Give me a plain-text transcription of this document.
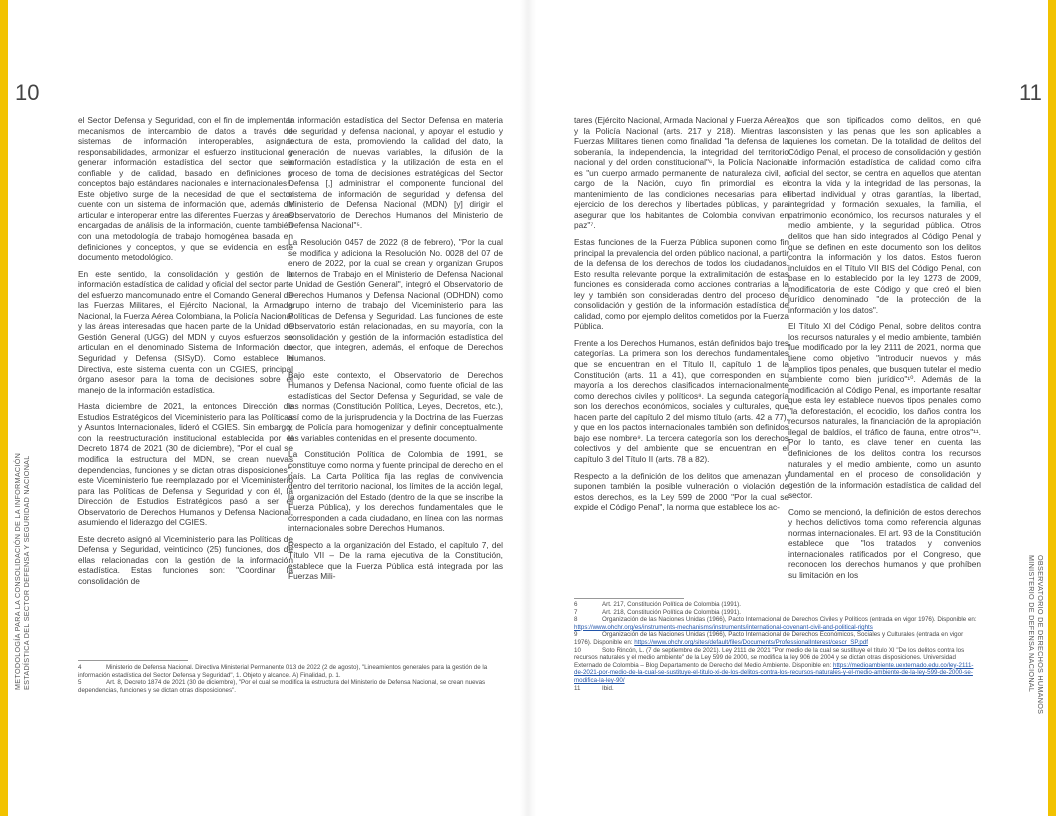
10	11
METODOLOGÍA PARA LA CONSOLIDACIÓN DE LA INFORMACIÓN ESTADÍSTICA DEL SECTOR DEFENSA Y SEGURIDAD NACIONAL	OBSERVATORIO DE DERECHOS HUMANOS
MINISTERIO DE DEFENSA NACIONAL

el Sector Defensa y Seguridad, con el fin de implementar mecanismos de intercambio de datos a través de sistemas de información interoperables, asignar responsabilidades, armonizar el esfuerzo institucional y generar información estadística del sector que sea confiable y de calidad, basado en definiciones y conceptos bajo estándares nacionales e internacionales⁴. Este objetivo surge de la necesidad de que el sector cuente con un sistema de información que, además de articular e interoperar entre las diferentes Fuerzas y áreas encargadas de análisis de la información, cuente también con una metodología de trabajo homogénea basada en definiciones y conceptos, y que se evidencia en este documento metodológico.

En este sentido, la consolidación y gestión de la información estadística de calidad y oficial del sector parte del esfuerzo mancomunado entre el Comando General de las Fuerzas Militares, el Ejército Nacional, la Armada Nacional, la Fuerza Aérea Colombiana, la Policía Nacional y las áreas interesadas que hacen parte de la Unidad de Gestión General (UGG) del MDN y cuyos esfuerzos se articulan en el denominado Sistema de Información de Seguridad y Defensa (SISyD). Como establece la Directiva, este sistema cuenta con un CGIES, principal órgano asesor para la toma de decisiones sobre el manejo de la información estadística.

Hasta diciembre de 2021, la entonces Dirección de Estudios Estratégicos del Viceministerio para las Políticas y Asuntos Internacionales, lideró el CGIES. Sin embargo, con la reestructuración institucional establecida por el Decreto 1874 de 2021 (30 de diciembre), "Por el cual se modifica la estructura del MDN, se crean nuevas dependencias, funciones y se dictan otras disposiciones", este Viceministerio fue reemplazado por el Viceministerio para las Políticas de Defensa y Seguridad y con él, la Dirección de Estudios Estratégicos pasó a ser el Observatorio de Derechos Humanos y Defensa Nacional, asumiendo el liderazgo del CGIES.

Este decreto asignó al Viceministerio para las Políticas de Defensa y Seguridad, veinticinco (25) funciones, dos de ellas relacionadas con la gestión de la información estadística. Estas funciones son: "Coordinar la consolidación de

la información estadística del Sector Defensa en materia de seguridad y defensa nacional, y apoyar el estudio y lectura de esta, promoviendo la calidad del dato, la generación de nuevas variables, la difusión de la información estadística y la utilización de esta en el proceso de toma de decisiones estratégicas del Sector Defensa [,] administrar el componente funcional del sistema de información de seguridad y defensa del Ministerio de Defensa Nacional (MDN) [y] dirigir el Observatorio de Derechos Humanos del Ministerio de Defensa Nacional"⁵.

La Resolución 0457 de 2022 (8 de febrero), "Por la cual se modifica y adiciona la Resolución No. 0028 del 07 de enero de 2022, por la cual se crean y organizan Grupos Internos de Trabajo en el Ministerio de Defensa Nacional – Unidad de Gestión General", integró el Observatorio de Derechos Humanos y Defensa Nacional (ODHDN) como grupo interno de trabajo del Viceministerio para las Políticas de Defensa y Seguridad. Las funciones de este Observatorio están relacionadas, en su mayoría, con la consolidación y gestión de la información estadística del sector, que integren, además, el enfoque de Derechos Humanos.

Bajo este contexto, el Observatorio de Derechos Humanos y Defensa Nacional, como fuente oficial de las estadísticas del Sector Defensa y Seguridad, se vale de las normas (Constitución Política, Leyes, Decretos, etc.), así como de la jurisprudencia y la Doctrina de las Fuerzas y de Policía para homogenizar y definir conceptualmente las variables contenidas en el presente documento.

La Constitución Política de Colombia de 1991, se constituye como norma y fuente principal de derecho en el país. La Carta Política fija las reglas de convivencia dentro del territorio nacional, los límites de la acción legal, la organización del Estado (dentro de la que se inscribe la Fuerza Pública), y los derechos fundamentales que le corresponden a cada ciudadano, en línea con las normas internacionales sobre Derechos Humanos.

Respecto a la organización del Estado, el capítulo 7, del Título VII – De la rama ejecutiva de la Constitución, establece que la Fuerza Pública está integrada por las Fuerzas Mili-

tares (Ejército Nacional, Armada Nacional y Fuerza Aérea) y la Policía Nacional (arts. 217 y 218). Mientras las Fuerzas Militares tienen como finalidad "la defensa de la soberanía, la independencia, la integridad del territorio nacional y del orden constitucional"⁶, la Policía Nacional es "un cuerpo armado permanente de naturaleza civil, a cargo de la Nación, cuyo fin primordial es el mantenimiento de las condiciones necesarias para el ejercicio de los derechos y libertades públicas, y para asegurar que los habitantes de Colombia convivan en paz"⁷.

Estas funciones de la Fuerza Pública suponen como fin principal la prevalencia del orden público nacional, a partir de la defensa de los derechos de todos los ciudadanos. Esto resulta relevante porque la extralimitación de estas funciones es considerada como acciones contrarias a la ley y también son consideradas dentro del proceso de consolidación y gestión de la información estadística de calidad, como por ejemplo delitos cometidos por la Fuerza Pública.

Frente a los Derechos Humanos, están definidos bajo tres categorías. La primera son los derechos fundamentales que se encuentran en el Título II, capítulo 1 de la Constitución (arts. 11 a 41), que corresponden en su mayoría a los derechos clasificados internacionalmente como derechos civiles y políticos⁸. La segunda categoría son los derechos económicos, sociales y culturales, que hacen parte del capítulo 2 del mismo título (arts. 42 a 77), y que en los pactos internacionales también son definidos bajo ese nombre⁹. La tercera categoría son los derechos colectivos y del ambiente que se encuentran en el capítulo 3 del Título II (arts. 78 a 82).

Respecto a la definición de los delitos que amenazan y suponen también la posible vulneración o violación de estos derechos, es la Ley 599 de 2000 "Por la cual se expide el Código Penal", la norma que establece los ac-

tos que son tipificados como delitos, en qué consisten y las penas que les son aplicables a quienes los cometan. De la totalidad de delitos del Código Penal, el proceso de consolidación y gestión de información estadística de calidad como cifra oficial del sector, se centra en aquellos que atentan contra la vida y la integridad de las personas, la libertad individual y otras garantías, la libertad, integridad y formación sexuales, la familia, el patrimonio económico, los recursos naturales y el medio ambiente, y la seguridad pública. Otros delitos que han sido integrados al Código Penal y que se definen en este documento son los delitos contra la información y los datos. Estos fueron incluidos en el Título VII BIS del Código Penal, con base en lo establecido por la ley 1273 de 2009, modificatoria de este Código y que creó el bien jurídico denominado "de la protección de la información y los datos".

El Título XI del Código Penal, sobre delitos contra los recursos naturales y el medio ambiente, también fue modificado por la ley 2111 de 2021, norma que tiene como objetivo "introducir nuevos y más amplios tipos penales, que busquen tutelar el medio ambiente como bien jurídico"¹⁰. Además de la modificación al Código Penal, es importante resaltar que esta ley establece nuevos tipos penales como "la deforestación, el ecocidio, los daños contra los recursos naturales, la financiación de la apropiación ilegal de baldíos, el tráfico de fauna, entre otros"¹¹. Por lo tanto, es clave tener en cuenta las definiciones de los delitos contra los recursos naturales y el medio ambiente, como un asunto fundamental en el proceso de consolidación y gestión de la información estadística de calidad del sector.

Como se mencionó, la definición de estos derechos y hechos delictivos toma como referencia algunas normas internacionales. El art. 93 de la Constitución establece que "los tratados y convenios internacionales ratificados por el Congreso, que reconocen los derechos humanos y que prohíben su limitación en los

4	Ministerio de Defensa Nacional. Directiva Ministerial Permanente 013 de 2022 (2 de agosto), "Lineamientos generales para la gestión de la información estadística del Sector Defensa y Seguridad", 1. Objeto y alcance. A) Finalidad, p. 1.

5	Art. 8, Decreto 1874 de 2021 (30 de diciembre), "Por el cual se modifica la estructura del Ministerio de Defensa Nacional, se crean nuevas dependencias, funciones y se dictan otras disposiciones".

6	Art. 217, Constitución Política de Colombia (1991).

7	Art. 218, Constitución Política de Colombia (1991).

8	Organización de las Naciones Unidas (1966), Pacto Internacional de Derechos Civiles y Políticos (entrada en vigor 1976). Disponible en: https://www.ohchr.org/es/instruments-mechanisms/instruments/international-covenant-civil-and-political-rights

9	Organización de las Naciones Unidas (1966), Pacto Internacional de Derechos Económicos, Sociales y Culturales (entrada en vigor 1976). Disponible en: https://www.ohchr.org/sites/default/files/Documents/ProfessionalInterest/cescr_SP.pdf

10	Soto Rincón, L. (7 de septiembre de 2021). Ley 2111 de 2021 "Por medio de la cual se sustituye el título XI "De los delitos contra los recursos naturales y el medio ambiente" de la Ley 599 de 2000, se modifica la ley 906 de 2004 y se dictan otras disposiciones. Universidad Externado de Colombia – Blog Departamento de Derecho del Medio Ambiente. Disponible en: https://medioambiente.uexternado.edu.co/ley-2111-de-2021-por-medio-de-la-cual-se-sustituye-el-titulo-xi-de-los-delitos-contra-los-recursos-naturales-y-el-medio-ambiente-de-la-ley-599-de-2000-se-modifica-la-ley-90/

11	Ibid.
